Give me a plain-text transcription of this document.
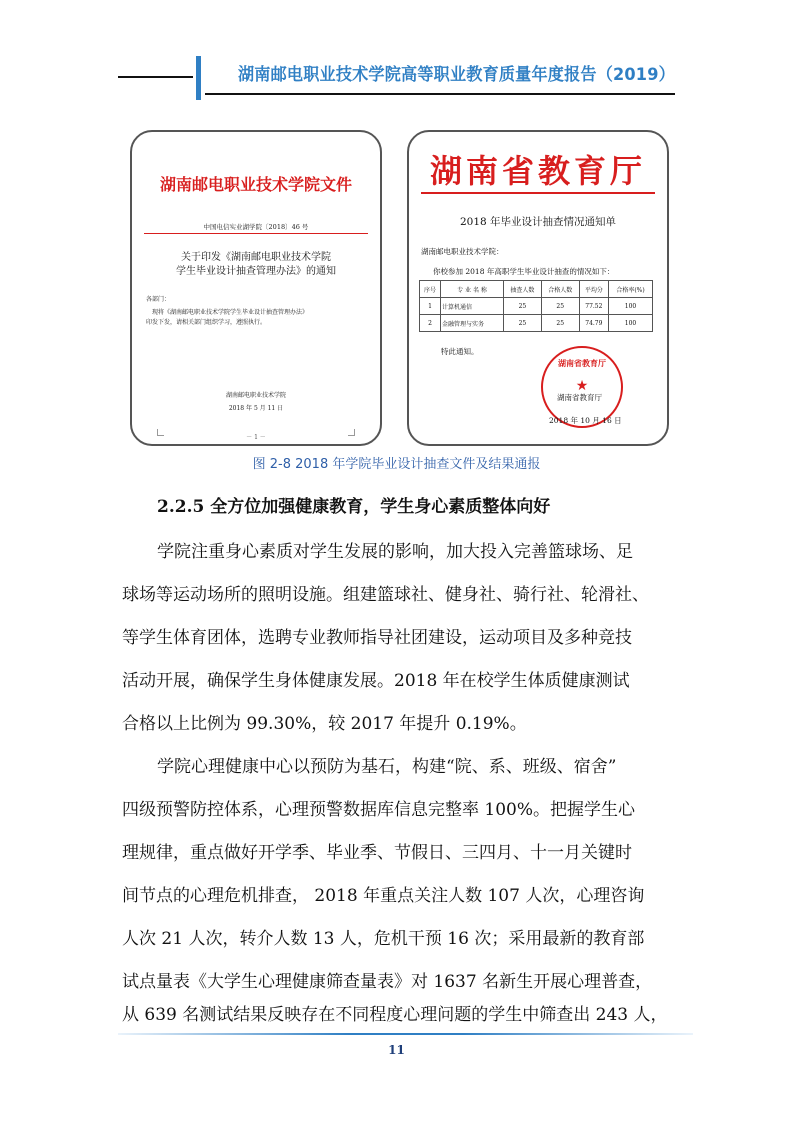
湖南邮电职业技术学院高等职业教育质量年度报告（2019）
湖南邮电职业技术学院文件
中国电信实业湖学院〔2018〕46 号
关于印发《湖南邮电职业技术学院
学生毕业设计抽查管理办法》的通知
各部门：
现将《湖南邮电职业技术学院学生毕业设计抽查管理办法》
印发下发，请相关部门组织学习，遵照执行。
湖南邮电职业技术学院
2018 年 5 月 11 日
－ 1 －
湖南省教育厅
2018 年毕业设计抽查情况通知单
湖南邮电职业技术学院：
你校参加 2018 年高职学生毕业设计抽查的情况如下：
序号	专 业 名 称	抽查人数	合格人数	平均分	合格率(%)
1	计算机通信	25	25	77.52	100
2	金融管理与实务	25	25	74.79	100
特此通知。
湖南省教育厅
★
湖南省教育厅
2018 年 10 月 16 日
图 2-8 2018 年学院毕业设计抽查文件及结果通报
2.2.5 全方位加强健康教育，学生身心素质整体向好
学院注重身心素质对学生发展的影响，加大投入完善篮球场、足
球场等运动场所的照明设施。组建篮球社、健身社、骑行社、轮滑社、
等学生体育团体，选聘专业教师指导社团建设，运动项目及多种竞技
活动开展，确保学生身体健康发展。2018 年在校学生体质健康测试
合格以上比例为 99.30%，较 2017 年提升 0.19%。
学院心理健康中心以预防为基石，构建“院、系、班级、宿舍”
四级预警防控体系，心理预警数据库信息完整率 100%。把握学生心
理规律，重点做好开学季、毕业季、节假日、三四月、十一月关键时
间节点的心理危机排查， 2018 年重点关注人数 107 人次，心理咨询
人次 21 人次，转介人数 13 人，危机干预 16 次；采用最新的教育部
试点量表《大学生心理健康筛查量表》对 1637 名新生开展心理普查，
从 639 名测试结果反映存在不同程度心理问题的学生中筛查出 243 人，
11
